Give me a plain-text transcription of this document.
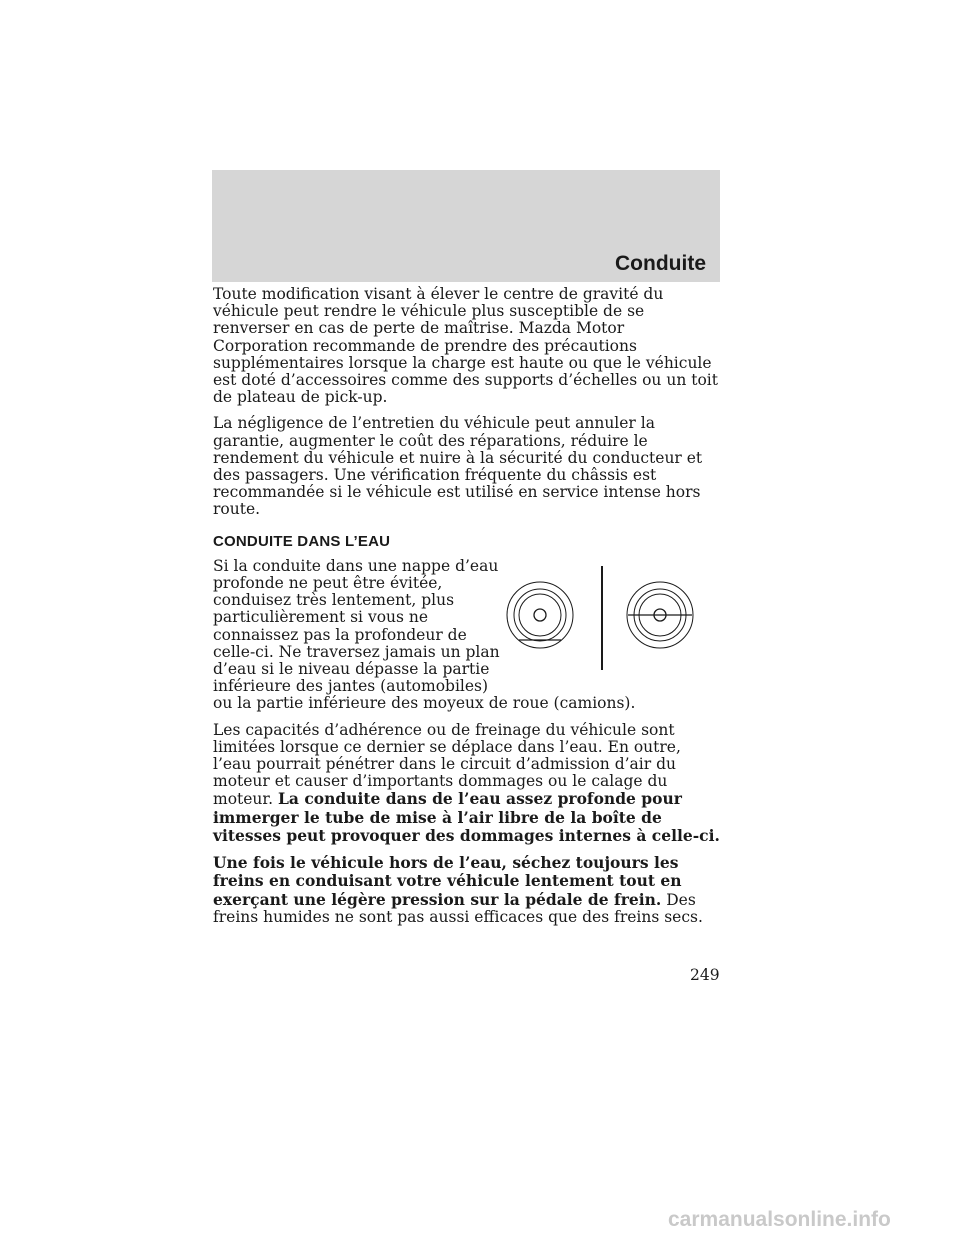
Conduite

Toute modification visant à élever le centre de gravité du véhicule peut rendre le véhicule plus susceptible de se renverser en cas de perte de maîtrise. Mazda Motor Corporation recommande de prendre des précautions supplémentaires lorsque la charge est haute ou que le véhicule est doté d’accessoires comme des supports d’échelles ou un toit de plateau de pick-up.

La négligence de l’entretien du véhicule peut annuler la garantie, augmenter le coût des réparations, réduire le rendement du véhicule et nuire à la sécurité du conducteur et des passagers. Une vérification fréquente du châssis est recommandée si le véhicule est utilisé en service intense hors route.

CONDUITE DANS L’EAU

Si la conduite dans une nappe d’eau profonde ne peut être évitée, conduisez très lentement, plus particulièrement si vous ne connaissez pas la profondeur de celle-ci. Ne traversez jamais un plan d’eau si le niveau dépasse la partie inférieure des jantes (automobiles)

ou la partie inférieure des moyeux de roue (camions).

Les capacités d’adhérence ou de freinage du véhicule sont limitées lorsque ce dernier se déplace dans l’eau. En outre, l’eau pourrait pénétrer dans le circuit d’admission d’air du moteur et causer d’importants dommages ou le calage du moteur. La conduite dans de l’eau assez profonde pour immerger le tube de mise à l’air libre de la boîte de vitesses peut provoquer des dommages internes à celle-ci.

Une fois le véhicule hors de l’eau, séchez toujours les freins en conduisant votre véhicule lentement tout en exerçant une légère pression sur la pédale de frein. Des freins humides ne sont pas aussi efficaces que des freins secs.

249
carmanualsonline.info
